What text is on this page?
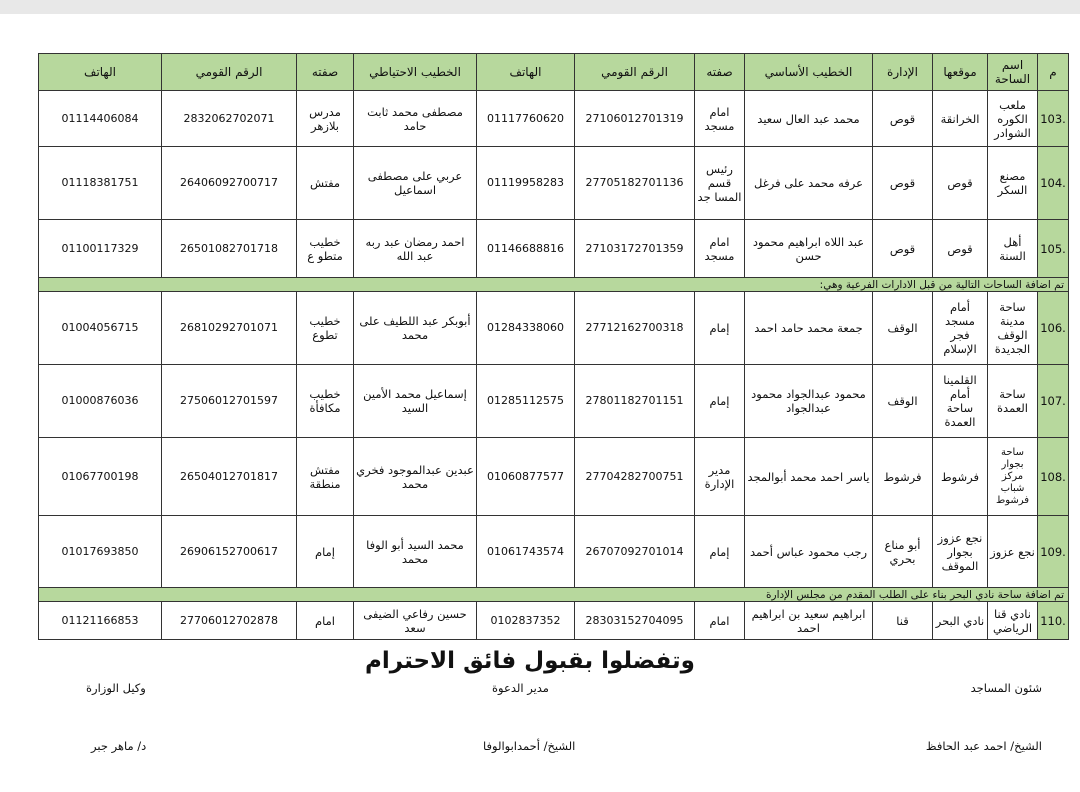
م	اسم الساحة	موقعها	الإدارة	الخطيب الأساسي	صفته	الرقم القومي	الهاتف	الخطيب الاحتياطي	صفته	الرقم القومي	الهاتف
103.	ملعب الكوره الشوادر	الخرانقة	قوص	محمد عبد العال سعيد	امام مسجد	27106012701319	01117760620	مصطفى محمد ثابت حامد	مدرس بلازهر	2832062702071	01114406084
104.	مصنع السكر	قوص	قوص	عرفه محمد على فرغل	رئيس قسم المسا جد	27705182701136	01119958283	عربي على مصطفى اسماعيل	مفتش	26406092700717	01118381751
105.	أهل السنة	قوص	قوص	عبد اللاه ابراهيم محمود حسن	امام مسجد	27103172701359	01146688816	احمد رمضان عبد ربه عبد الله	خطيب متطو ع	26501082701718	01100117329
تم اضافة الساحات التالية من قبل الادارات الفرعية وهي:											
106.	ساحة مدينة الوقف الجديدة	أمام مسجد فجر الإسلام	الوقف	جمعة محمد حامد احمد	إمام	27712162700318	01284338060	أبوبكر عبد اللطيف على محمد	خطيب تطوع	26810292701071	01004056715
107.	ساحة العمدة	القلمينا أمام ساحة العمدة	الوقف	محمود عبدالجواد محمود عبدالجواد	إمام	27801182701151	01285112575	إسماعيل محمد الأمين السيد	خطيب مكافأة	27506012701597	01000876036
108.	ساحة بجوار مركز شباب فرشوط	فرشوط	فرشوط	ياسر احمد محمد أبوالمجد	مدير الإدارة	27704282700751	01060877577	عبدين عبدالموجود فخري محمد	مفتش منطقة	26504012701817	01067700198
109.	نجع عزوز	نجع عزوز بجوار الموقف	أبو مناع بحري	رجب محمود عباس أحمد	إمام	26707092701014	01061743574	محمد السيد أبو الوفا محمد	إمام	26906152700617	01017693850
تم اضافة ساحة نادي البحر بناء على الطلب المقدم من مجلس الإدارة											
110.	نادي قنا الرياضي	نادي البحر	قنا	ابراهيم سعيد بن ابراهيم احمد	امام	28303152704095	0102837352	حسين رفاعي الضيفى سعد	امام	27706012702878	01121166853
وتفضلوا بقبول فائق الاحترام
شئون المساجد
مدير الدعوة
وكيل الوزارة
الشيخ/ احمد عبد الحافظ
الشيخ/ أحمدابوالوفا
د/ ماهر جبر
